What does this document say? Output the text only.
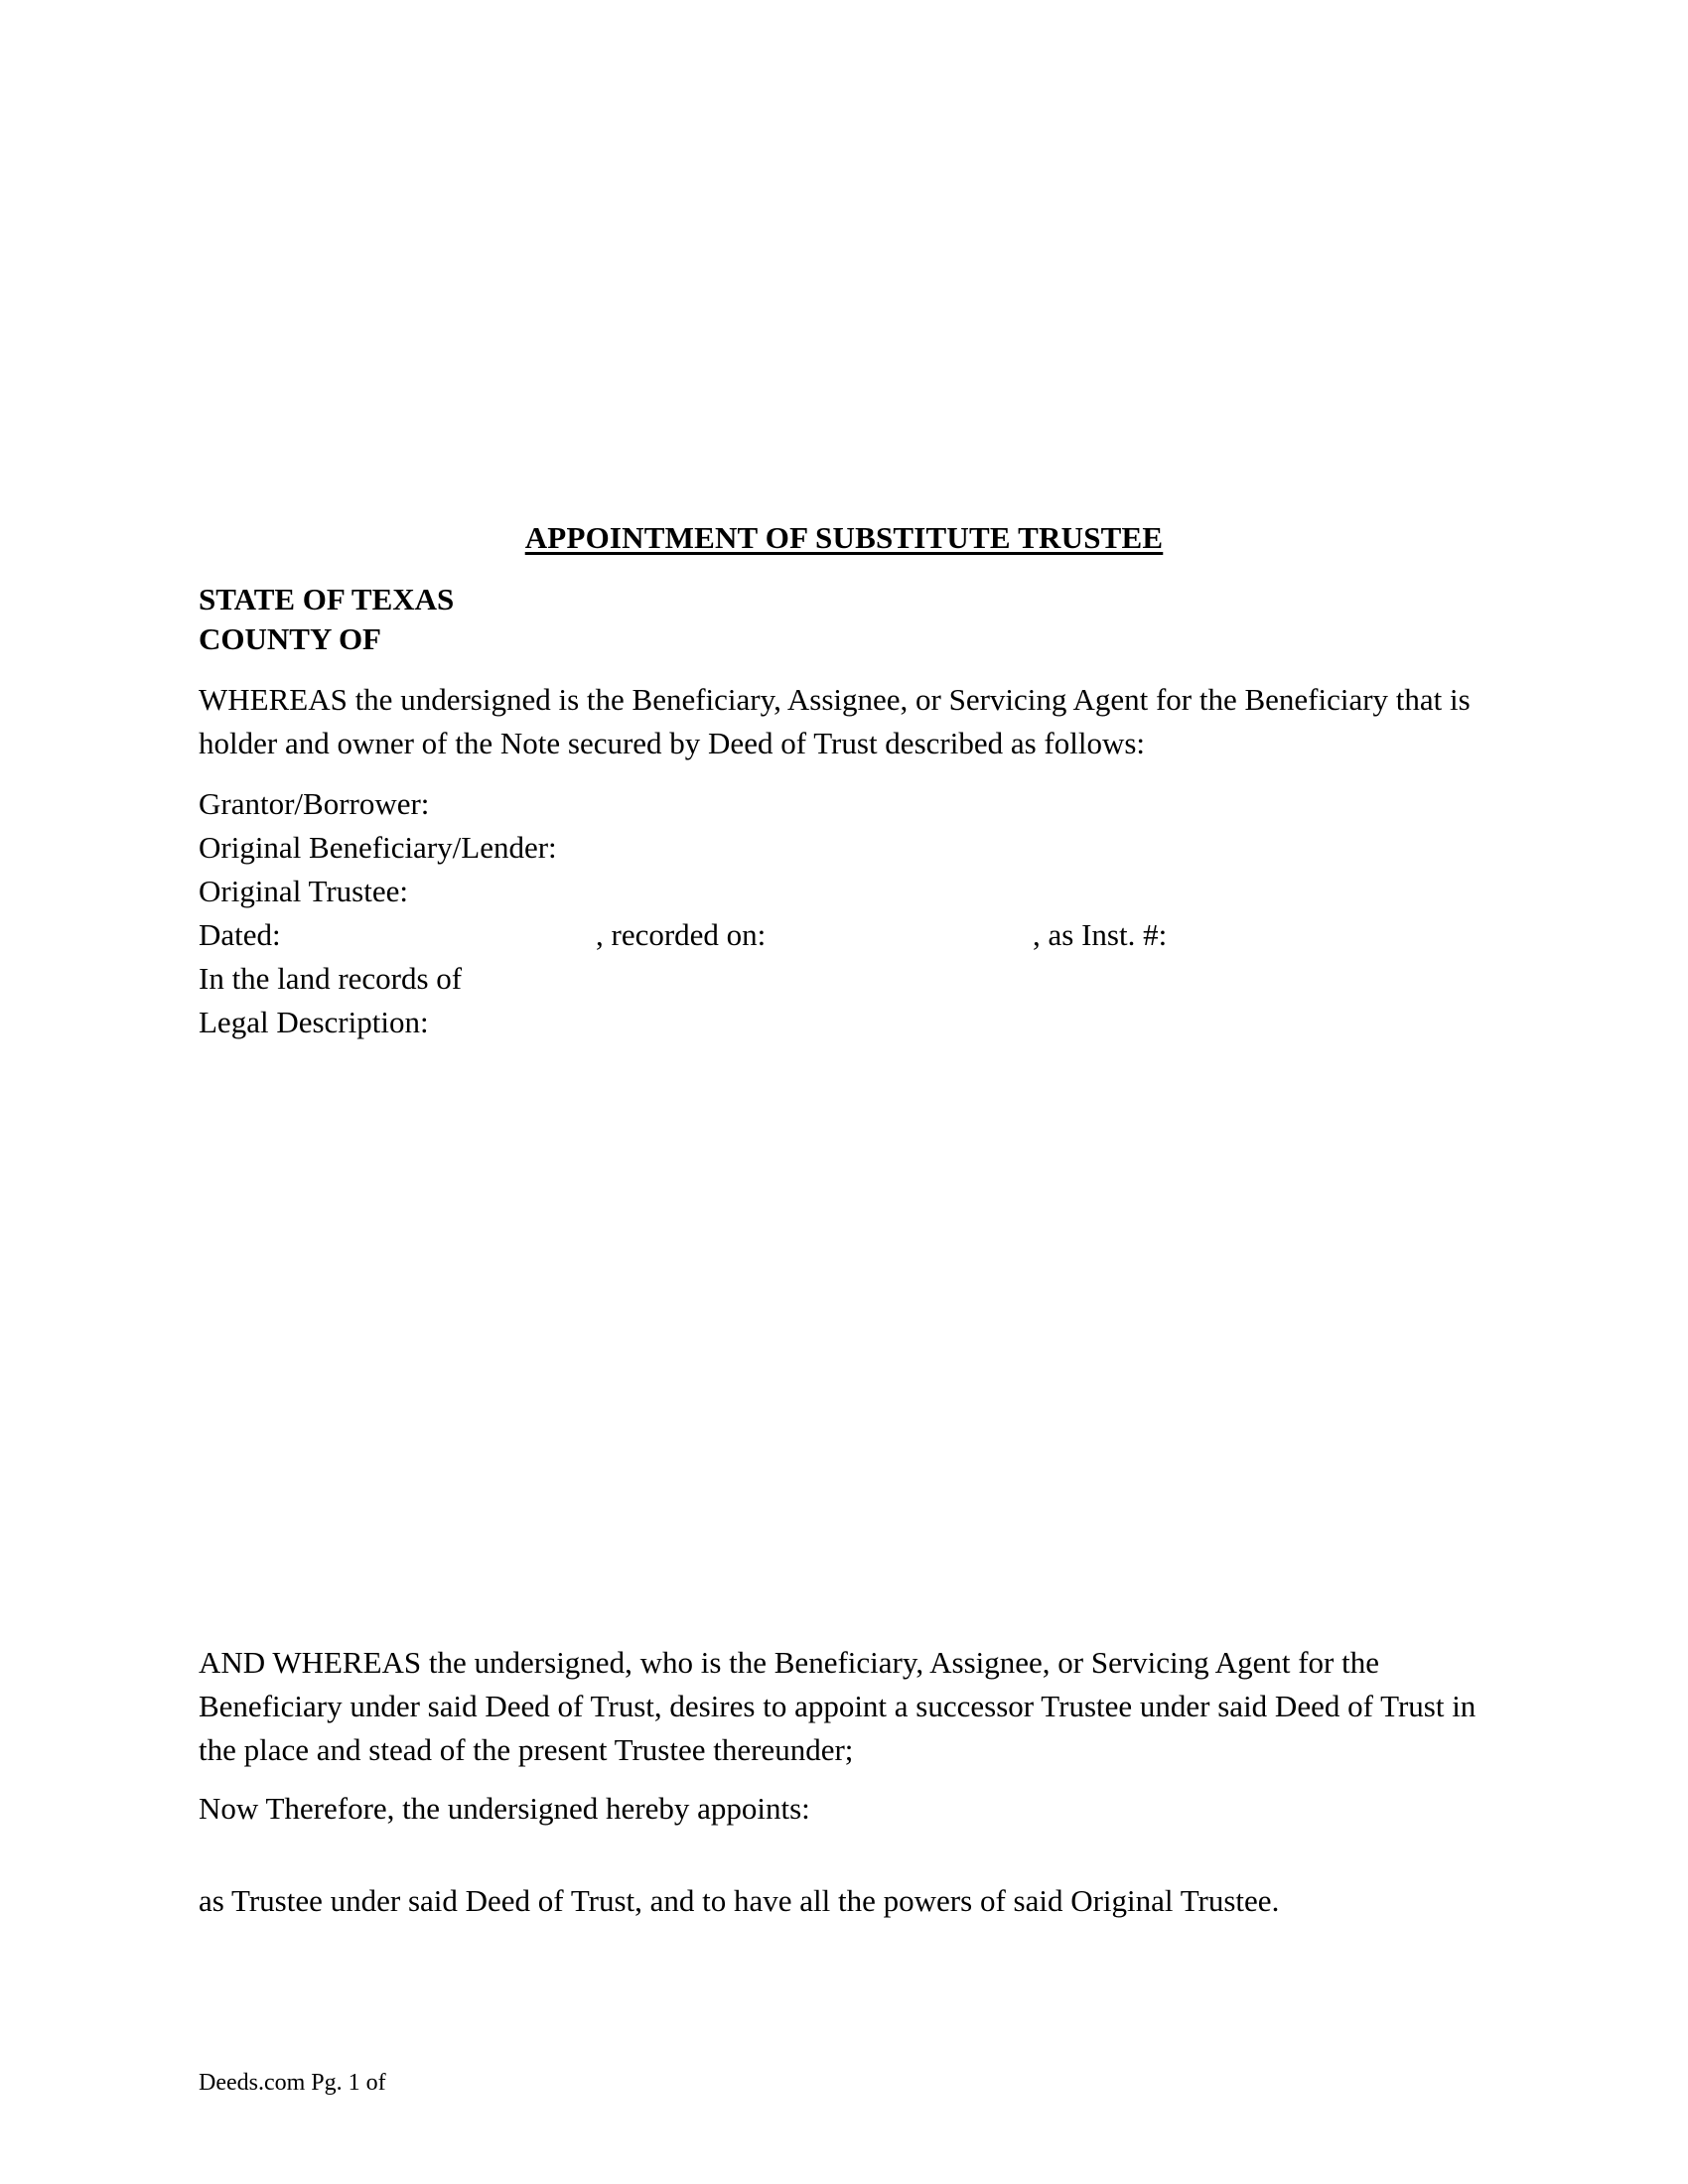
APPOINTMENT OF SUBSTITUTE TRUSTEE
STATE OF TEXAS
COUNTY OF
WHEREAS the undersigned is the Beneficiary, Assignee, or Servicing Agent for the Beneficiary that is holder and owner of the Note secured by Deed of Trust described as follows:
Grantor/Borrower:
Original Beneficiary/Lender:
Original Trustee:
Dated:	, recorded on:	, as Inst. #:
In the land records of
Legal Description:
AND WHEREAS the undersigned, who is the Beneficiary, Assignee, or Servicing Agent for the Beneficiary under said Deed of Trust, desires to appoint a successor Trustee under said Deed of Trust in the place and stead of the present Trustee thereunder;
Now Therefore, the undersigned hereby appoints:
as Trustee under said Deed of Trust, and to have all the powers of said Original Trustee.
Deeds.com Pg. 1 of
